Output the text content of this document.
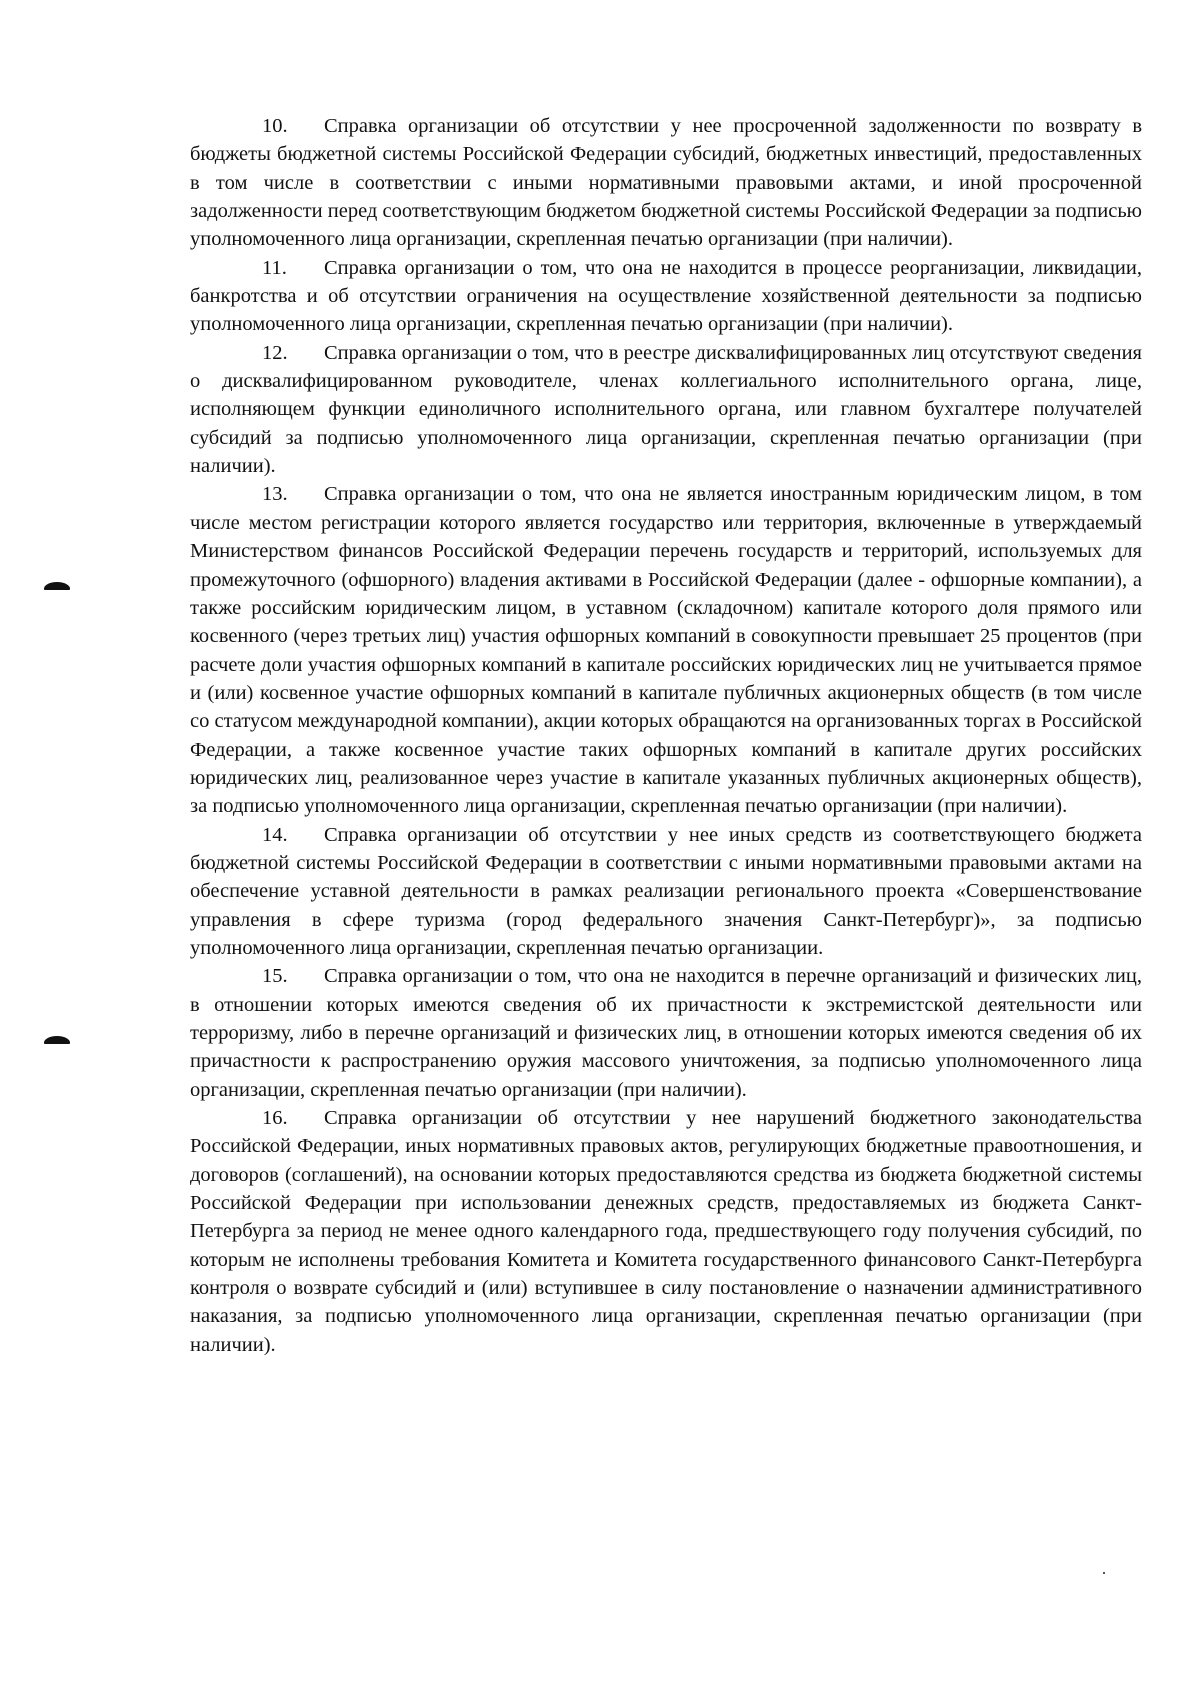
10. Справка организации об отсутствии у нее просроченной задолженности по возврату в бюджеты бюджетной системы Российской Федерации субсидий, бюджетных инвестиций, предоставленных в том числе в соответствии с иными нормативными правовыми актами, и иной просроченной задолженности перед соответствующим бюджетом бюджетной системы Российской Федерации за подписью уполномоченного лица организации, скрепленная печатью организации (при наличии).

11. Справка организации о том, что она не находится в процессе реорганизации, ликвидации, банкротства и об отсутствии ограничения на осуществление хозяйственной деятельности за подписью уполномоченного лица организации, скрепленная печатью организации (при наличии).

12. Справка организации о том, что в реестре дисквалифицированных лиц отсутствуют сведения о дисквалифицированном руководителе, членах коллегиального исполнительного органа, лице, исполняющем функции единоличного исполнительного органа, или главном бухгалтере получателей субсидий за подписью уполномоченного лица организации, скрепленная печатью организации (при наличии).

13. Справка организации о том, что она не является иностранным юридическим лицом, в том числе местом регистрации которого является государство или территория, включенные в утверждаемый Министерством финансов Российской Федерации перечень государств и территорий, используемых для промежуточного (офшорного) владения активами в Российской Федерации (далее - офшорные компании), а также российским юридическим лицом, в уставном (складочном) капитале которого доля прямого или косвенного (через третьих лиц) участия офшорных компаний в совокупности превышает 25 процентов (при расчете доли участия офшорных компаний в капитале российских юридических лиц не учитывается прямое и (или) косвенное участие офшорных компаний в капитале публичных акционерных обществ (в том числе со статусом международной компании), акции которых обращаются на организованных торгах в Российской Федерации, а также косвенное участие таких офшорных компаний в капитале других российских юридических лиц, реализованное через участие в капитале указанных публичных акционерных обществ), за подписью уполномоченного лица организации, скрепленная печатью организации (при наличии).

14. Справка организации об отсутствии у нее иных средств из соответствующего бюджета бюджетной системы Российской Федерации в соответствии с иными нормативными правовыми актами на обеспечение уставной деятельности в рамках реализации регионального проекта «Совершенствование управления в сфере туризма (город федерального значения Санкт-Петербург)», за подписью уполномоченного лица организации, скрепленная печатью организации.

15. Справка организации о том, что она не находится в перечне организаций и физических лиц, в отношении которых имеются сведения об их причастности к экстремистской деятельности или терроризму, либо в перечне организаций и физических лиц, в отношении которых имеются сведения об их причастности к распространению оружия массового уничтожения, за подписью уполномоченного лица организации, скрепленная печатью организации (при наличии).

16. Справка организации об отсутствии у нее нарушений бюджетного законодательства Российской Федерации, иных нормативных правовых актов, регулирующих бюджетные правоотношения, и договоров (соглашений), на основании которых предоставляются средства из бюджета бюджетной системы Российской Федерации при использовании денежных средств, предоставляемых из бюджета Санкт-Петербурга за период не менее одного календарного года, предшествующего году получения субсидий, по которым не исполнены требования Комитета и Комитета государственного финансового Санкт-Петербурга контроля о возврате субсидий и (или) вступившее в силу постановление о назначении административного наказания, за подписью уполномоченного лица организации, скрепленная печатью организации (при наличии).
